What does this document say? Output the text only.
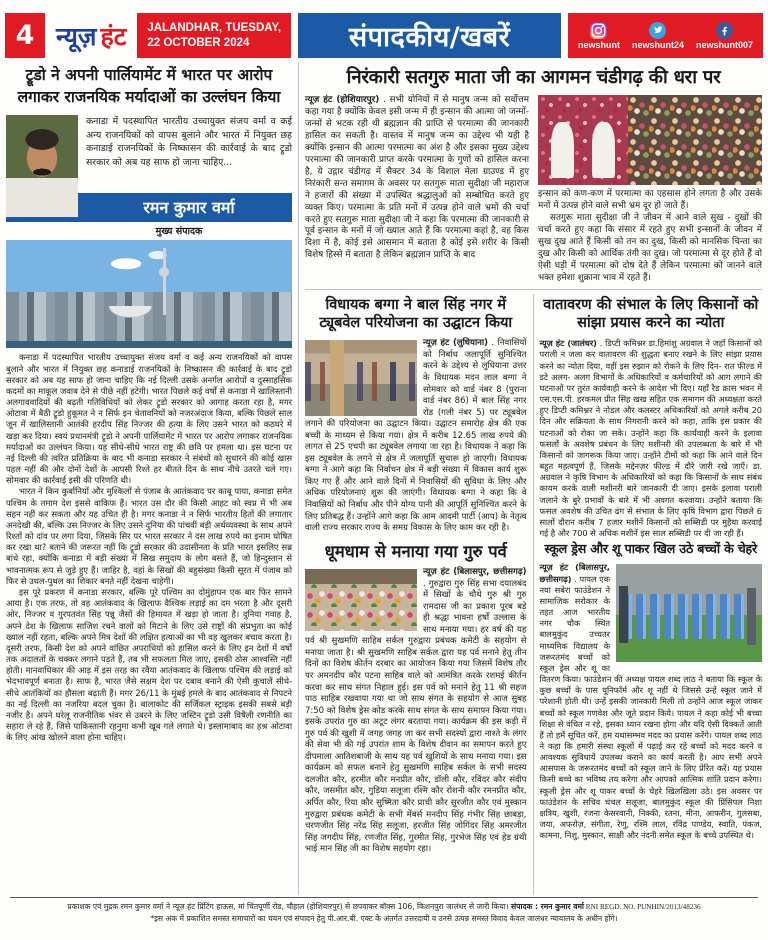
4 न्यूज़ हंट JALANDHAR, TUESDAY,
22 OCTOBER 2024	संपादकीय/खबरें	newshunt newshunt24 newshunt007
ट्रूडो ने अपनी पार्लियामेंट में भारत पर आरोप लगाकर राजनयिक मर्यादाओं का उल्लंघन किया
कनाडा में पदस्थापित भारतीय उच्चायुक्त संजय वर्मा व कई अन्य राजनयिकों को वापस बुलाने और भारत में नियुक्त छह कनाडाई राजनयिकों के निष्कासन की कार्रवाई के बाद ट्रूडो सरकार को अब यह साफ हो जाना चाहिए...
रमन कुमार वर्मा
मुख्य संपादक

कनाडा में पदस्थापित भारतीय उच्चायुक्त संजय वर्मा व कई अन्य राजनयिकों को वापस बुलाने और भारत में नियुक्त छह कनाडाई राजनयिकों के निष्कासन की कार्रवाई के बाद ट्रूडो सरकार को अब यह साफ हो जाना चाहिए कि नई दिल्ली उसके अनर्गल आरोपों व दुस्साहसिक कदमों का माकूल जवाब देने से पीछे नहीं हटेगी। भारत पिछले कई वर्षों से कनाडा में खालिस्तानी अलगाववादियों की बढ़ती गतिविधियों को लेकर ट्रूडो सरकार को आगाह करता रहा है, मगर ओटावा में बैठी ट्रूडो हुकूमत ने न सिर्फ इन चेतावनियों को नजरअंदाज किया, बल्कि पिछले साल जून में खालिस्तानी आतंकी हरदीप सिंह निज्जर की हत्या के लिए उसने भारत को कठघरे में खड़ा कर दिया। स्वयं प्रधानमंत्री ट्रूडो ने अपनी पार्लियामेंट में भारत पर आरोप लगाकर राजनयिक मर्यादाओं का उल्लंघन किया। यह सीधे-सीधे भारत राष्ट्र की छवि पर हमला था। इस घटना पर नई दिल्ली की त्वरित प्रतिक्रिया के बाद भी कनाडा सरकार ने संबंधों को सुधारने की कोई खास पहल नहीं की और दोनों देशों के आपसी रिश्ते हर बीतते दिन के साथ नीचे उतरते चले गए। सोमवार की कार्रवाई इसी की परिणति थी।

भारत ने किन कुर्बानियों और मुश्किलों से पंजाब के आतंकवाद पर काबू पाया, कनाडा समेत पश्चिम के तमाम देश इससे वाकिफ हैं। भारत उस दौर की किसी आहट को स्वप्न में भी अब सहन नहीं कर सकता और यह उचित ही है। मगर कनाडा ने न सिर्फ भारतीय हितों की लगातार अनदेखी की, बल्कि उस निज्जर के लिए उसने दुनिया की पांचवीं बड़ी अर्थव्यवस्था के साथ अपने रिश्तों को दांव पर लगा दिया, जिसके सिर पर भारत सरकार ने दस लाख रुपये का इनाम घोषित कर रखा था? बताने की जरूरत नहीं कि ट्रूडो सरकार की उदासीनता के प्रति भारत इसलिए सब्र बांधे रहा, क्योंकि कनाडा में बड़ी संख्या में सिख समुदाय के लोग बसते हैं, जो हिन्दुस्तान से भावनात्मक रूप से जुड़े हुए हैं। जाहिर है, वहां के सिखों की बहुसंख्या किसी सूरत में पंजाब को फिर से उथल-पुथल का शिकार बनते नहीं देखना चाहेगी।

इस पूरे प्रकरण में कनाडा सरकार, बल्कि पूरे पश्चिम का दोमुंहापन एक बार फिर सामने आया है। एक तरफ, तो वह आतंकवाद के खिलाफ वैश्विक लड़ाई का दम भरता है और दूसरी ओर, निज्जर व गुरपतवंत सिंह पन्नू जैसों की हिमायत में खड़ा हो जाता है। दुनिया गवाह है, अपने देश के खिलाफ साजिश रचने वालों को मिटाने के लिए उसे राष्ट्रों की संप्रभुता का कोई ख्याल नहीं रहता, बल्कि अपने मित्र देशों की लक्षित हत्याओं का भी वह खुलकर बचाव करता है। दूसरी तरफ, किसी देश को अपने वांछित अपराधियों को हासिल करने के लिए इन देशों में वर्षों तक अदालतों के चक्कर लगाने पड़ते हैं, तब भी सफलता मिल जाए, इसकी ठोस आश्वस्ति नहीं होती। मानवाधिकार की आड़ में इस तरह का रवैया आतंकवाद के खिलाफ पश्चिम की लड़ाई को भेदभावपूर्ण बनाता है। साफ है, भारत जैसे सक्षम देश पर दबाव बनाने की ऐसी कुचालें सीधे-सीधे आतंकियों का हौसला बढ़ाती हैं। मगर 26/11 के मुंबई हमले के बाद आतंकवाद से निपटने का नई दिल्ली का नजरिया बदल चुका है। बालाकोट की सर्जिकल स्ट्राइक इसकी सबसे बड़ी नजीर है। अपने घरेलू राजनीतिक भंवर से उबरने के लिए जस्टिन ट्रूडो उसी विषैली रणनीति का सहारा ले रहे हैं, जिसे पाकिस्तानी रहनुमा कभी खूब गले लगाते थे। इस्लामाबाद का हश्र ओटावा के लिए आंख खोलने वाला होना चाहिए।

निरंकारी सतगुरु माता जी का आगमन चंडीगढ़ की धरा पर

न्यूज़ हंट (होशियारपुर) . सभी योनियों में से मानुष जन्म को सर्वोत्तम कहा गया है क्योंकि केवल इसी जन्म में ही इन्सान की आत्मा जो जन्मों-जन्मों से भटक रही थी ब्रह्मज्ञान की प्राप्ति से परमात्मा की जानकारी हासिल कर सकती है। वास्तव में मानुष जन्म का उद्देश्य भी यही है क्योंकि इन्सान की आत्मा परमात्मा का अंश है और इसका मुख्य उद्देश्य परमात्मा की जानकारी प्राप्त करके परमात्मा के गुणों को हासिल करना है, ये उद्गार चंडीगढ़ में सैक्टर 34 के विशाल मेला ग्राउण्ड में हुए निरंकारी सन्त समागम के अवसर पर सतगुरू माता सुदीक्षा जी महाराज ने हजारों की संख्या में उपस्थित श्रद्धालुओं को सम्बोधित करते हुए व्यक्त किए। परमात्मा के प्रति मनों में उत्पन्न होने वाले भ्रमों की चर्चा करते हुए सतगुरू माता सुदीक्षा जी ने कहा कि परमात्मा की जानकारी से पूर्व इन्सान के मनों में जो ख्याल आते हैं कि परमात्मा कहां है, वह किस दिशा में है, कोई इसे आसमान में बताता है कोई इसे शरीर के किसी विशेष हिस्से में बताता है लेकिन ब्रह्मज्ञान प्राप्ति के बाद

इन्सान को कण-कण में परमात्मा का एहसास होने लगता है और उसके मनों में उत्पन्न होने वाले सभी भ्रम दूर हो जाते हैं।

सतगुरू माता सुदीक्षा जी ने जीवन में आने वाले सुख - दुखों की चर्चा करते हुए कहा कि संसार में रहते हुए सभी इन्सानों के जीवन में सुख दुख आते हैं किसी को तन का दुख, किसी को मानसिक चिन्ता का दुख और किसी को आर्थिक तंगी का दुख। जो परमात्मा से दूर होते हैं वो ऐसी घड़ी में परमात्मा को दोष देते हैं लेकिन परमात्मा को जानने वाले भक्त हमेशा शुक्राना भाव में रहते हैं।

विधायक बग्गा ने बाल सिंह नगर में ट्यूबवेल परियोजना का उद्घाटन किया

न्यूज़ हंट (लुधियाना) . निवासियों को निर्बाध जलापूर्ति सुनिश्चित करने के उद्देश्य से लुधियाना उत्तर के विधायक मदन लाल बग्गा ने सोमवार को वार्ड नंबर 8 (पुराना वार्ड नंबर 86) में बाल सिंह नगर रोड (गली नंबर 5) पर ट्यूबवेल लगाने की परियोजना का उद्घाटन किया। उद्घाटन समारोह क्षेत्र की एक बच्ची के माध्यम से किया गया। क्षेत्र में करीब 12.65 लाख रुपये की लागत से 25 एचपी का ट्यूबवेल लगाया जा रहा है। विधायक ने कहा कि इस ट्यूबवेल के लगने से क्षेत्र में जलापूर्ति सुचारू हो जाएगी। विधायक बग्गा ने आगे कहा कि निर्वाचन क्षेत्र में बड़ी संख्या में विकास कार्य शुरू किए गए हैं और आने वाले दिनों में निवासियों की सुविधा के लिए और अधिक परियोजनाएं शुरू की जाएंगी। विधायक बग्गा ने कहा कि वे निवासियों को निर्बाध और पीने योग्य पानी की आपूर्ति सुनिश्चित करने के लिए प्रतिबद्ध हैं। उन्होंने आगे कहा कि आम आदमी पार्टी (आप) के नेतृत्व वाली राज्य सरकार राज्य के समग्र विकास के लिए काम कर रही है।

धूमधाम से मनाया गया गुरु पर्व

न्यूज़ हंट (बिलासपुर, छत्तीसगढ़) . गुरुद्वारा गुरु सिंह सभा दयालबंद में सिखों के चौथे गुरु श्री गुरु रामदास जी का प्रकाश पूरब बड़े ही श्रद्धा भावना हर्षों उल्लास के साथ मनाया गया। हर वर्ष की यह पर्व श्री सुखमणि साहिब सर्कल गुरुद्वारा प्रबंधक कमेटी के सहयोग से मनाया जाता है। श्री सुखमणि साहिब सर्कल द्वारा यह पर्व मनाने हेतु तीन दिनों का विशेष कीर्तन दरबार का आयोजन किया गया जिसमें विशेष तौर पर अमनदीप कौर पटना साहिब वाले को आमंत्रित करके रशमई कीर्तन करवा कर साथ संगत निहाल हुई। इस पर्व को मनाने हेतु 11 श्री सहज पाठ साहिब रखवाया गया था जो साथ संगत के सहयोग से आज सुबह 7:50 को विशेष ड्रेस कोड करके साथ संगत के साथ समापन किया गया। इसके उपरांत गुरु का अटूट लंगर बरताया गया। कार्यक्रम की इस कड़ी में गुरु पर्व की खुशी में जगह जगह जा कर सभी सदस्यों द्वारा नाश्ते के लंगर की सेवा भी की गई उपरांत शाम के विशेष दीवान का समापन करते हुए दीपमाला आतिशबाजी के साथ यह पर्व खुशियों के साथ मनाया गया। इस कार्यक्रम को सफल बनाने हेतु सुखमणि साहिब सर्कल के सभी सदस्य दलजीत कौर, हरमीत कौर मनप्रीत कौर, डॉली कौर, रविंदर कौर संदीप कौर, जसमीत कौर, गुड़िया सलूजा रश्मि कौर रोशनी कौर रमनप्रीत कौर, अर्पित कौर, रिया कौर सुष्मिता कौर प्राची कौर सुरजीत कौर एवं मुस्कान गुरुद्वारा प्रबंधक कमेटी के सभी मेंबर्स मनदीप सिंह गंभीर सिंह छाबड़ा, चरणजीत सिंह नरेंद्र सिंह सलूजा, हरजीत सिंह जोगिंदर सिंह अमरजीत सिंह जगदीप सिंह, रणजीत सिंह, गुरमीत सिंह, गुरभेज सिंह एवं हेड ग्रंथी भाई मान सिंह जी का विशेष सहयोग रहा।

वातावरण की संभाल के लिए किसानों को सांझा प्रयास करने का न्योता

न्यूज़ हंट (जालंधर) . डिप्टी कमिश्नर डा.हिमांशु अग्रवाल ने जहाँ किसानों को पराली न जला कर वातावरण की शुद्धता बनाए रखने के लिए सांझा प्रयास करने का न्योता दिया, वहीं इस रुझान को रोकने के लिए दिन- रात फील्ड में डटे अलग- अलग विभागों के अधिकारियों व कर्मचारियों को आग लगाने की घटनाओं पर तुरंत कार्यवाही करने के आदेश भी दिए। यहाँ रैड क्रास भवन में एस.एस.पी. हरकमल प्रीत सिंह खख सहित एक समागम की अध्यक्षता करते हुए डिप्टी कमिश्नर ने नोडल और कलस्टर अधिकारियों को अगले करीब 20 दिन और सक्रियता के साथ निगरानी करने को कहा, ताकि इस प्रकार की घटनाओं को रोका जा सके। उन्होंने कहा कि कार्यवाही करने के इलावा फसलों के अवशेष प्रबंधन के लिए मशीनरी की उपलब्धता के बारे में भी किसानों को जागरूक किया जाए। उन्होंने टीमों को कहा कि आने वाले दिन बहुत महत्वपूर्ण हैं, जिसके मद्देनज़र फील्ड में दौरे जारी रखे जाएँ। डा. अग्रवाल ने कृषि विभाग के अधिकारियों को कहा कि किसानों के साथ संबंध कायम करके वाली मशीनरी बारे जानकारी दी जाए। इसके इलावा पराली जलाने के बुरे प्रभावों के बारे में भी अवगत करवाया। उन्होंने बताया कि फसल अवशेष की उचित ढंग से संभाल के लिए कृषि विभाग द्वारा पिछले 6 सालों दौरान करीब 7 हजार मशीनें किसानों को सब्सिडी पर मुहैया करवाई गई है और 700 से अधिक मशीनें इस साल सब्सिडी पर दी जा रही हैं।

स्कूल ड्रेस और शू पाकर खिल उठे बच्चों के चेहरे

न्यूज़ हंट (बिलासपुर, छत्तीसगढ़) . पायल एक नया सबेरा फाउंडेशन ने सामाजिक सरोकार के तहत आज भारतीय नगर चौक स्थित बालमुकुंद उच्चतर माध्यमिक विद्यालय के जरूरतमंद बच्चों को स्कूल ड्रेस और शू का वितरण किया। फाउंडेशन की अध्यक्ष पायल शब्द लाठ ने बताया कि स्कूल के कुछ बच्चों के पास यूनिफॉर्म और शू नहीं थे जिससे उन्हें स्कूल जाने में परेशानी होती थी। उन्हें इसकी जानकारी मिली तो उन्होंने आज स्कूल जाकर बच्चों को स्कूल गणवेश और जूते प्रदान किये। पायल ने कहा कोई भी बच्चा शिक्षा से वंचित न रहे, इसका ध्यान रखना होगा और यदि ऐसी दिक्कतें आती हैं तो हमें सूचित करें, हम यथासम्भव मदद का प्रयास करेंगे। पायल शब्द लाठ ने कहा कि हमारी संस्था स्कूलों में पढ़ाई कर रहे बच्चों को मदद करने व आवश्यक सुविधायें उपलब्ध कराने का कार्य करती है। आप सभी अपने आसपास के जरूरतमंद बच्चों को स्कूल जाने के लिए प्रेरित करें। यह प्रयास किसी बच्चे का भविष्य तय करेगा और आपको आत्मिक शांति प्रदान करेगा। स्कूली ड्रेस और शू पाकर बच्चों के चेहरे खिलखिला उठे। इस अवसर पर फाउंडेशन के सचिव चंचल सलूजा, बालमुकुंद स्कूल की प्रिंसिपल निशा क्षत्रिय, खुशी, रंजना केसरवानी, निक्की, रतना, मीना, आफरीन, गुलसबा, जया, अफरोज़, संगीता, रेणु, रश्मि लाल, रविंद्र पाण्डेय, स्वाति, पंकज, कामना, निशु, मुस्कान, साक्षी और नंदनी समेत स्कूल के बच्चे उपस्थित थे।

प्रकाशक एवं मुद्रक रमन कुमार वर्मा ने न्यूज़ हंट प्रिंटिंग हाऊस, मां चिंतपूर्णी रोड, चौहाल (होशियारपुर) से छपवाकर बॉक्स 106, किशनपुरा जालंधर से जारी किया। संपादक : रमन कुमार वर्मा RNI REGD. NO. PUNHIN/2013/48236
*इस अंक में प्रकाशित समस्त समाचारों का चयन एवं संपादन हेतु पी.आर.बी. एक्ट के अंतर्गत उत्तरदायी व उनसे उत्पन्न समस्त विवाद केवल जालंधर न्यायालय के अधीन होंगे।
